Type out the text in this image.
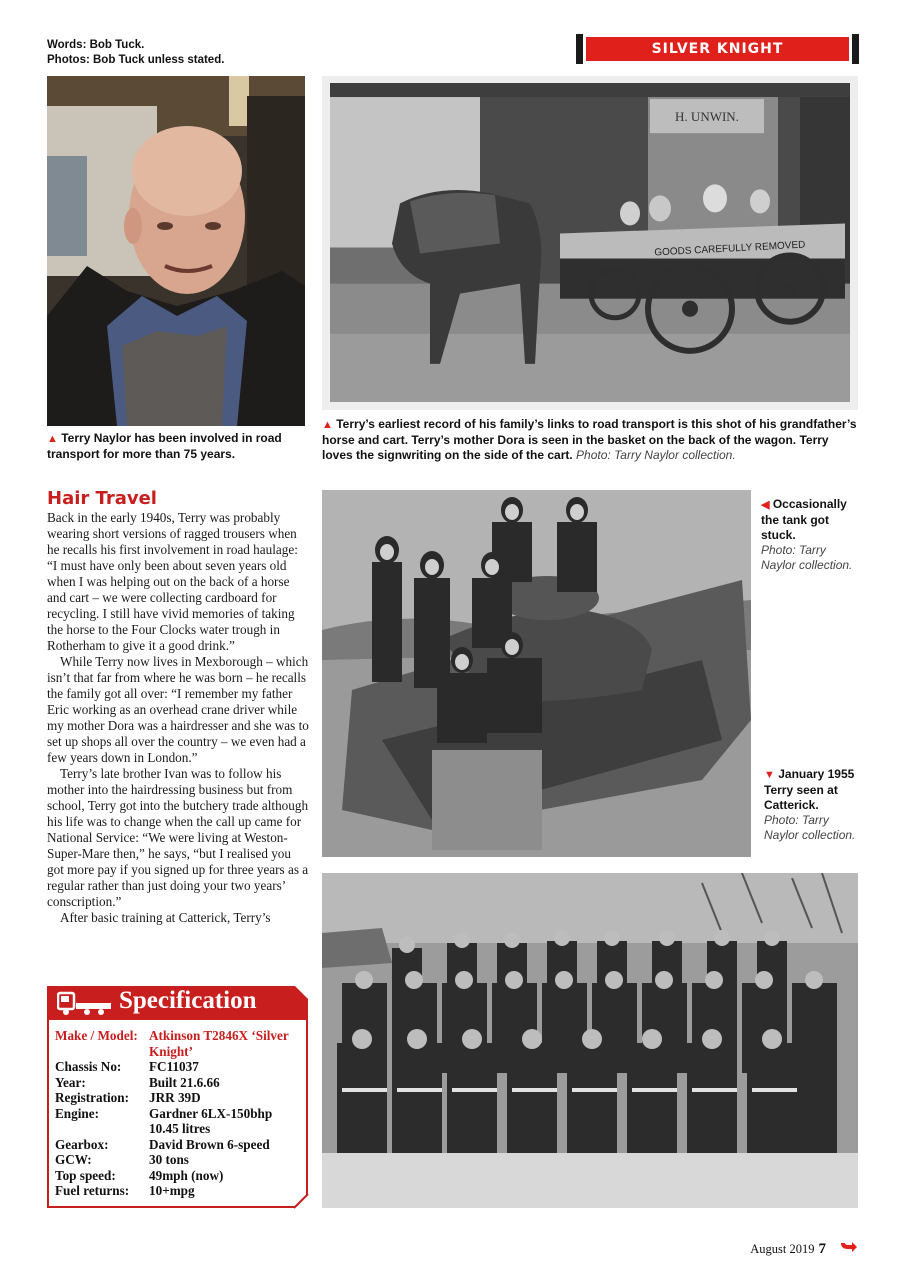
Words: Bob Tuck.
Photos: Bob Tuck unless stated.
SILVER KNIGHT
H. UNWIN.
GOODS CAREFULLY REMOVED
▲ Terry Naylor has been involved in road transport for more than 75 years.
▲ Terry’s earliest record of his family’s links to road transport is this shot of his grandfather’s horse and cart. Terry’s mother Dora is seen in the basket on the back of the wagon. Terry loves the signwriting on the side of the cart. Photo: Tarry Naylor collection.
Hair Travel

Back in the early 1940s, Terry was probably wearing short versions of ragged trousers when he recalls his first involvement in road haulage: “I must have only been about seven years old when I was helping out on the back of a horse and cart – we were collecting cardboard for recycling. I still have vivid memories of taking the horse to the Four Clocks water trough in Rotherham to give it a good drink.”

While Terry now lives in Mexborough – which isn’t that far from where he was born – he recalls the family got all over: “I remember my father Eric working as an overhead crane driver while my mother Dora was a hairdresser and she was to set up shops all over the country – we even had a few years down in London.”

Terry’s late brother Ivan was to follow his mother into the hairdressing business but from school, Terry got into the butchery trade although his life was to change when the call up came for National Service: “We were living at Weston-Super-Mare then,” he says, “but I realised you got more pay if you signed up for three years as a regular rather than just doing your two years’ conscription.”

After basic training at Catterick, Terry’s

◀ Occasionally the tank got stuck.
Photo: Tarry Naylor collection.
▼ January 1955 Terry seen at Catterick.
Photo: Tarry Naylor collection.
Specification
Make / Model: Atkinson T2846X ‘Silver Knight’
Chassis No:	FC11037
Year:	Built 21.6.66
Registration:	JRR 39D
Engine:	Gardner 6LX-150bhp
10.45 litres
Gearbox:	David Brown 6-speed
GCW:	30 tons
Top speed:	49mph (now)
Fuel returns:	10+mpg
August 2019 7
